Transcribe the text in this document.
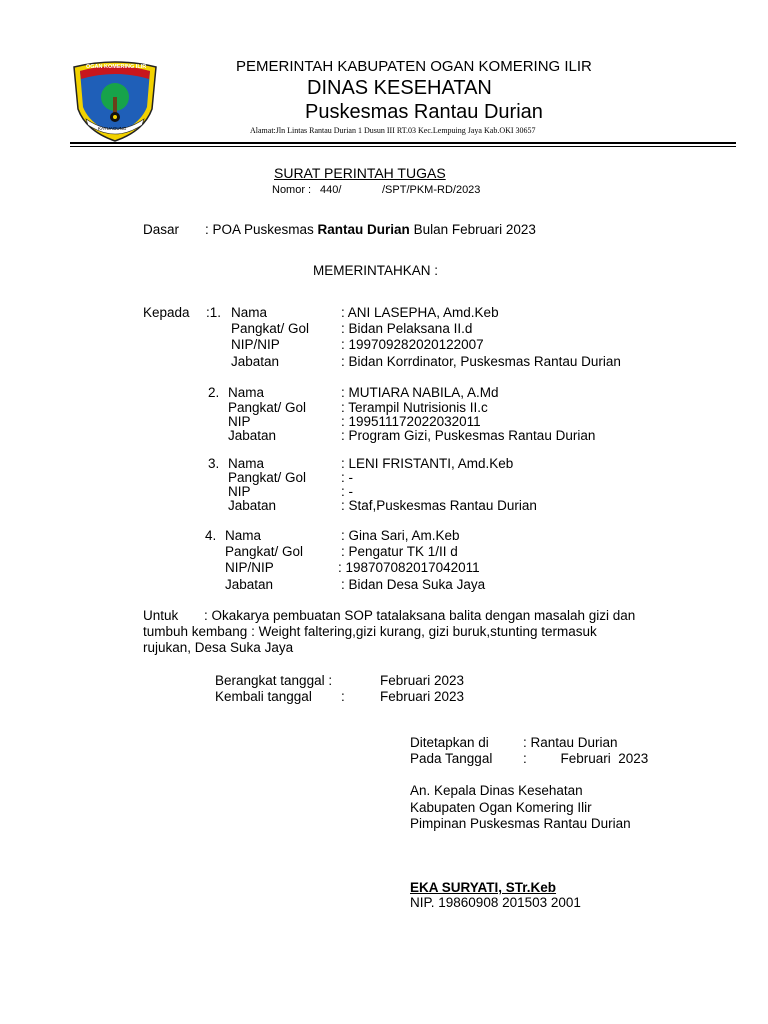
OGAN KOMERING ILIR
KAYUAGUNG
PEMERINTAH KABUPATEN OGAN KOMERING ILIR
DINAS KESEHATAN
Puskesmas Rantau Durian
Alamat:Jln Lintas Rantau Durian 1 Dusun III RT.03 Kec.Lempuing Jaya Kab.OKI 30657
SURAT PERINTAH TUGAS
Nomor : 440/	/SPT/PKM-RD/2023
Dasar : POA Puskesmas Rantau Durian Bulan Februari 2023
MEMERINTAHKAN :
Kepada :1. Nama	: ANI LASEPHA, Amd.Keb
Pangkat/ Gol : Bidan Pelaksana II.d
NIP/NIP	: 199709282020122007
Jabatan	: Bidan Korrdinator, Puskesmas Rantau Durian
2. Nama	: MUTIARA NABILA, A.Md
Pangkat/ Gol	: Terampil Nutrisionis II.c
NIP	: 199511172022032011
Jabatan	: Program Gizi, Puskesmas Rantau Durian
3. Nama	: LENI FRISTANTI, Amd.Keb
Pangkat/ Gol	: -
NIP	: -
Jabatan	: Staf,Puskesmas Rantau Durian
4. Nama	: Gina Sari, Am.Keb
Pangkat/ Gol	: Pengatur TK 1/II d
NIP/NIP	: 198707082017042011
Jabatan	: Bidan Desa Suka Jaya
Untuk : Okakarya pembuatan SOP tatalaksana balita dengan masalah gizi dan
tumbuh kembang : Weight faltering,gizi kurang, gizi buruk,stunting termasuk
rujukan, Desa Suka Jaya
Berangkat tanggal :	Februari 2023
Kembali tanggal :	Februari 2023
Ditetapkan di	: Rantau Durian
Pada Tanggal :         Februari  2023
An. Kepala Dinas Kesehatan
Kabupaten Ogan Komering Ilir
Pimpinan Puskesmas Rantau Durian
EKA SURYATI, STr.Keb
NIP. 19860908 201503 2001
